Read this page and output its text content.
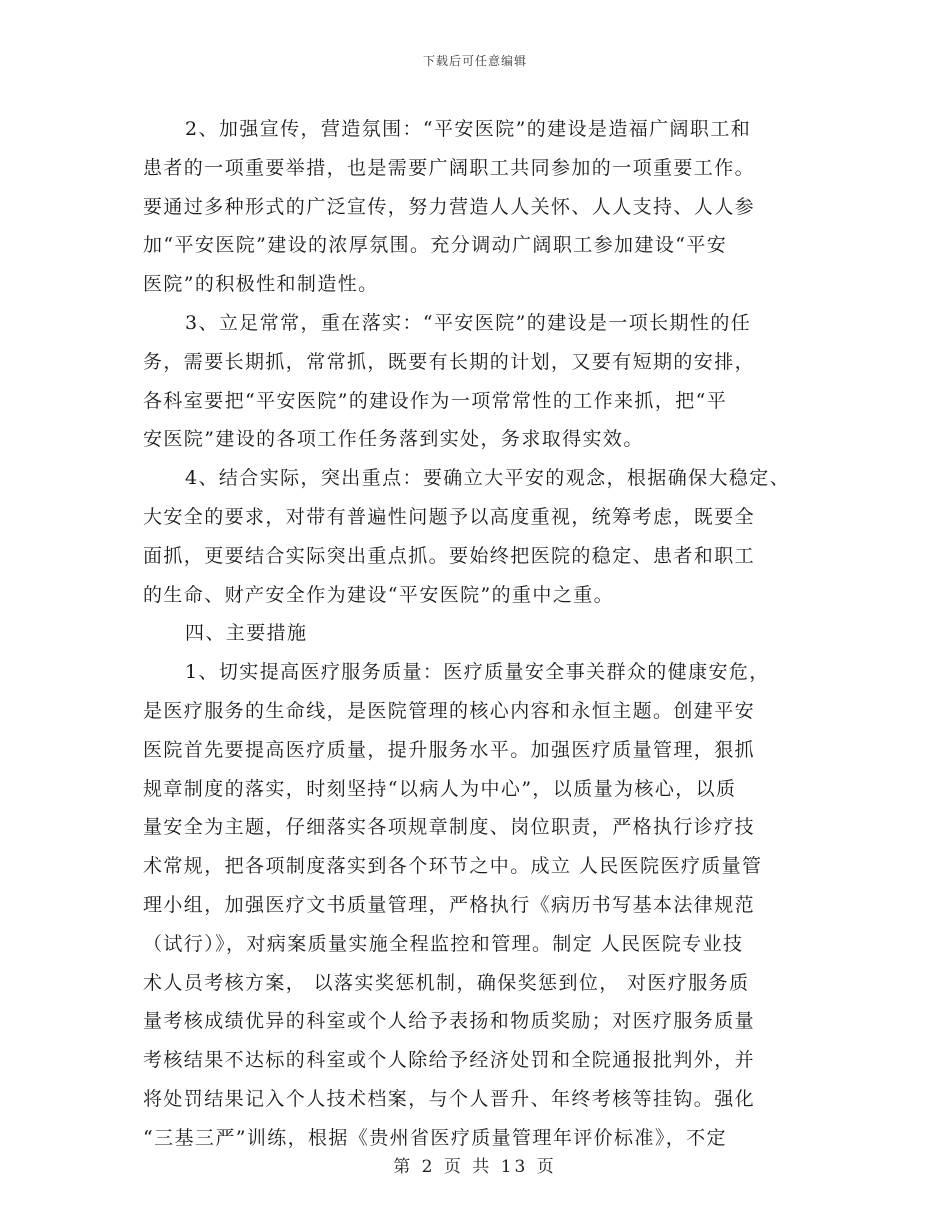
下载后可任意编辑
2、加强宣传，营造氛围：“平安医院”的建设是造福广阔职工和
患者的一项重要举措，也是需要广阔职工共同参加的一项重要工作。
要通过多种形式的广泛宣传，努力营造人人关怀、人人支持、人人参
加“平安医院”建设的浓厚氛围。充分调动广阔职工参加建设“平安
医院”的积极性和制造性。
3、立足常常，重在落实：“平安医院”的建设是一项长期性的任
务，需要长期抓，常常抓，既要有长期的计划，又要有短期的安排，
各科室要把“平安医院”的建设作为一项常常性的工作来抓，把“平
安医院”建设的各项工作任务落到实处，务求取得实效。
4、结合实际，突出重点：要确立大平安的观念，根据确保大稳定、
大安全的要求，对带有普遍性问题予以高度重视，统筹考虑，既要全
面抓，更要结合实际突出重点抓。要始终把医院的稳定、患者和职工
的生命、财产安全作为建设“平安医院”的重中之重。
四、主要措施
1、切实提高医疗服务质量：医疗质量安全事关群众的健康安危，
是医疗服务的生命线，是医院管理的核心内容和永恒主题。创建平安
医院首先要提高医疗质量，提升服务水平。加强医疗质量管理，狠抓
规章制度的落实，时刻坚持“以病人为中心”，以质量为核心，以质
量安全为主题，仔细落实各项规章制度、岗位职责，严格执行诊疗技
术常规，把各项制度落实到各个环节之中。成立 人民医院医疗质量管
理小组，加强医疗文书质量管理，严格执行《病历书写基本法律规范
（试行）》，对病案质量实施全程监控和管理。制定 人民医院专业技
术人员考核方案， 以落实奖惩机制，确保奖惩到位， 对医疗服务质
量考核成绩优异的科室或个人给予表扬和物质奖励；对医疗服务质量
考核结果不达标的科室或个人除给予经济处罚和全院通报批判外，并
将处罚结果记入个人技术档案，与个人晋升、年终考核等挂钩。强化
“三基三严”训练，根据《贵州省医疗质量管理年评价标准》，不定
第 2 页 共 13 页
